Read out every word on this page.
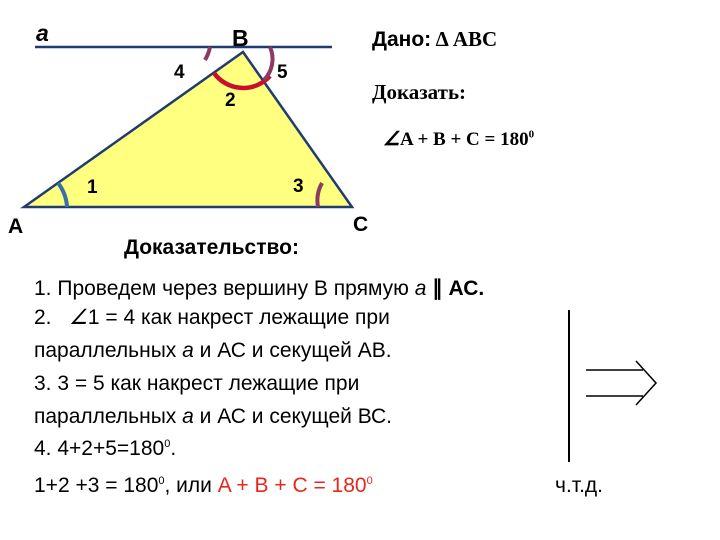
a	B
A	C
1
2
3
4	5
Дано: Δ ABC
Доказать:
∠A + $B + C = 180^0$
Доказательство:
1. Проведем через вершину В прямую а ∥ АС.
2. ∠1 = 4 как накрест лежащие при
параллельных а и АС и секущей АВ.
3. 3 = 5 как накрест лежащие при
параллельных а и АС и секущей ВС.
4. $4+2+5=180^0$.
$1+2 +3 = 180^0$, или $A + B + C = 180^0$	ч.т.д.
